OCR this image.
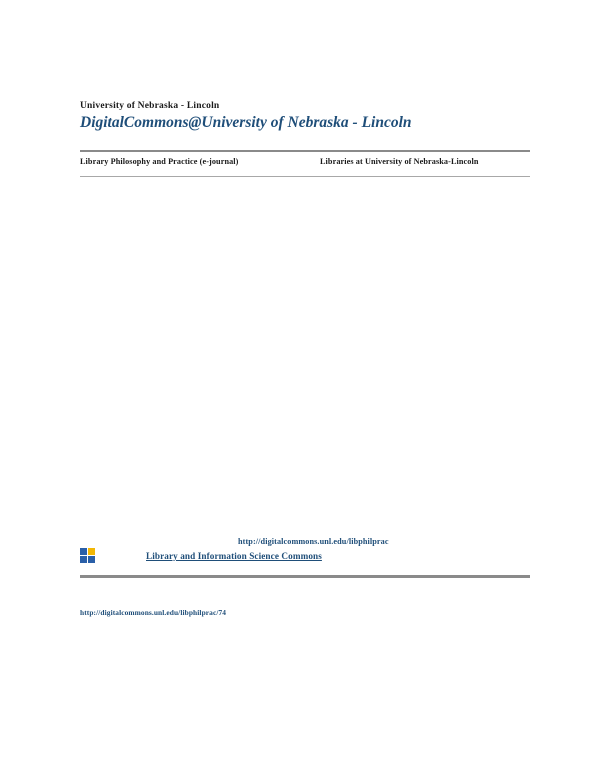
University of Nebraska - Lincoln
DigitalCommons@University of Nebraska - Lincoln
Library Philosophy and Practice (e-journal)	Libraries at University of Nebraska-Lincoln
http://digitalcommons.unl.edu/libphilprac
Library and Information Science Commons
http://digitalcommons.unl.edu/libphilprac/74
